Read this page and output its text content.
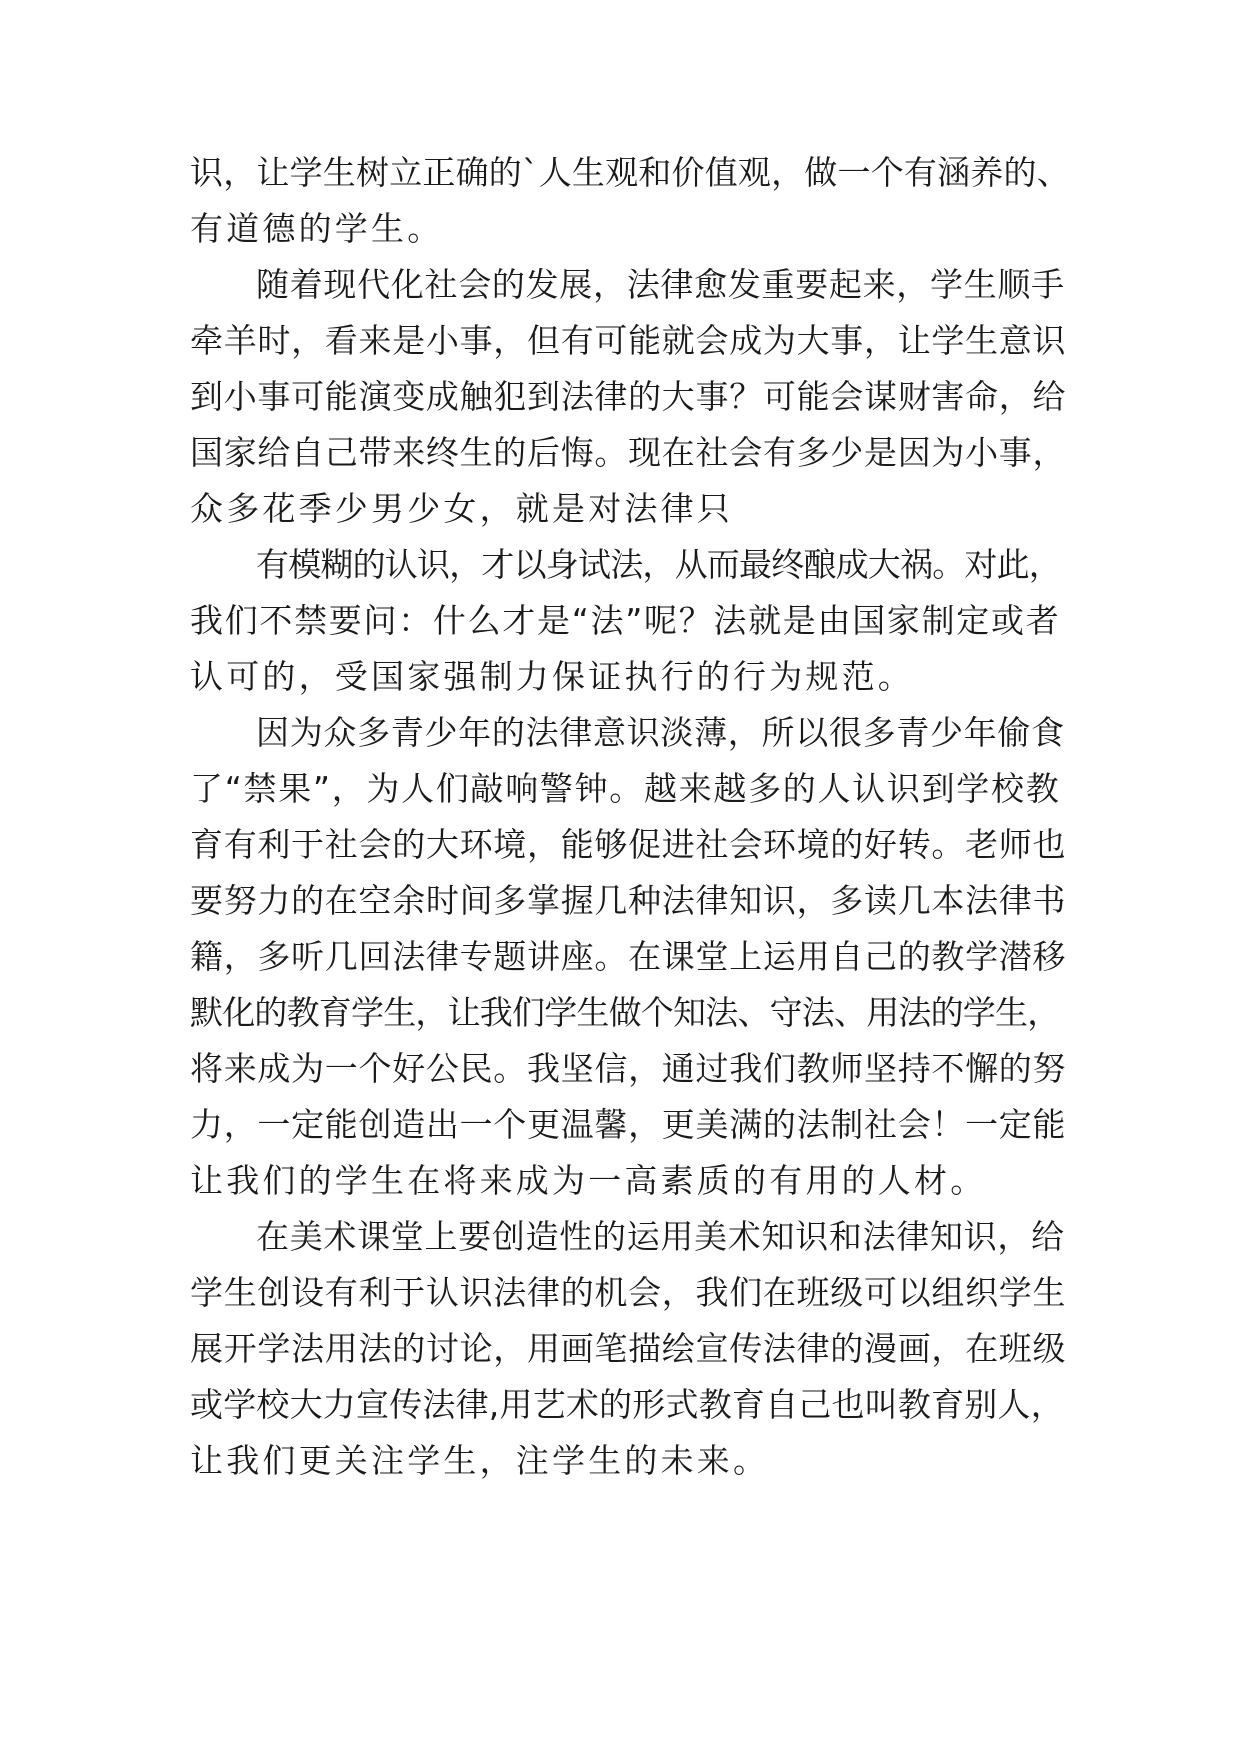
识，让学生树立正确的`人生观和价值观，做一个有涵养的、
有道德的学生。
随着现代化社会的发展，法律愈发重要起来，学生顺手
牵羊时，看来是小事，但有可能就会成为大事，让学生意识
到小事可能演变成触犯到法律的大事？可能会谋财害命，给
国家给自己带来终生的后悔。现在社会有多少是因为小事，
众多花季少男少女，就是对法律只
有模糊的认识，才以身试法，从而最终酿成大祸。对此，
我们不禁要问：什么才是“法”呢？法就是由国家制定或者
认可的，受国家强制力保证执行的行为规范。
因为众多青少年的法律意识淡薄，所以很多青少年偷食
了“禁果”，为人们敲响警钟。越来越多的人认识到学校教
育有利于社会的大环境，能够促进社会环境的好转。老师也
要努力的在空余时间多掌握几种法律知识，多读几本法律书
籍，多听几回法律专题讲座。在课堂上运用自己的教学潜移
默化的教育学生，让我们学生做个知法、守法、用法的学生，
将来成为一个好公民。我坚信，通过我们教师坚持不懈的努
力，一定能创造出一个更温馨，更美满的法制社会！一定能
让我们的学生在将来成为一高素质的有用的人材。
在美术课堂上要创造性的运用美术知识和法律知识，给
学生创设有利于认识法律的机会，我们在班级可以组织学生
展开学法用法的讨论，用画笔描绘宣传法律的漫画，在班级
或学校大力宣传法律,用艺术的形式教育自己也叫教育别人，
让我们更关注学生，注学生的未来。
